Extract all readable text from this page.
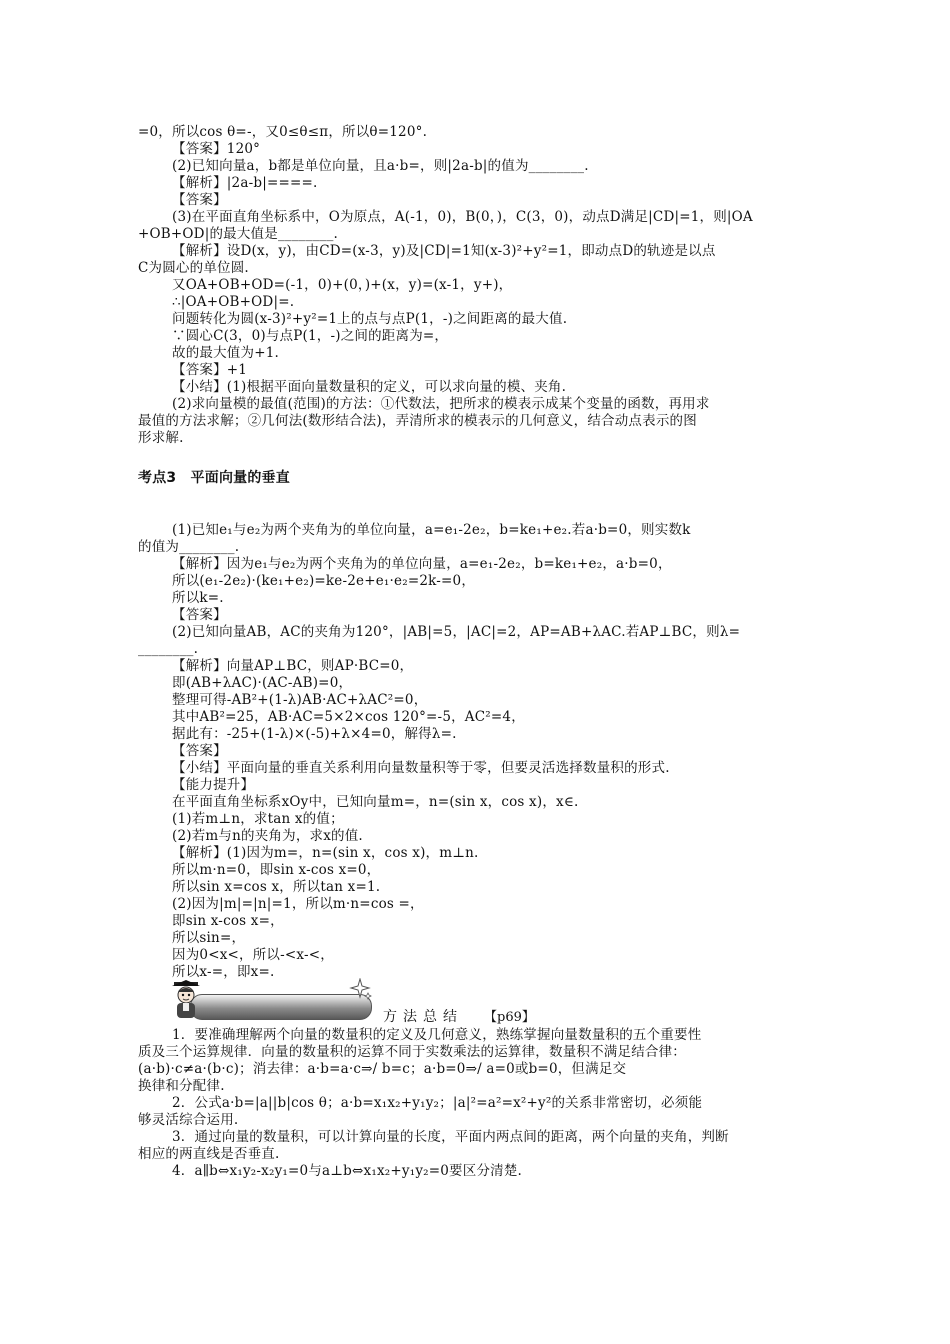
=0，所以cos θ=-，又0≤θ≤π，所以θ=120°.
【答案】120°
(2)已知向量a，b都是单位向量，且a·b=，则|2a-b|的值为________.
【解析】|2a-b|====.
【答案】
(3)在平面直角坐标系中，O为原点，A(-1，0)，B(0，)，C(3，0)，动点D满足|CD|=1，则|OA
+OB+OD|的最大值是________.
【解析】设D(x，y)，由CD=(x-3，y)及|CD|=1知(x-3)²+y²=1，即动点D的轨迹是以点
C为圆心的单位圆.
又OA+OB+OD=(-1，0)+(0，)+(x，y)=(x-1，y+)，
∴|OA+OB+OD|=.
问题转化为圆(x-3)²+y²=1上的点与点P(1，-)之间距离的最大值.
∵圆心C(3，0)与点P(1，-)之间的距离为=，
故的最大值为+1.
【答案】+1
【小结】(1)根据平面向量数量积的定义，可以求向量的模、夹角.
(2)求向量模的最值(范围)的方法：①代数法，把所求的模表示成某个变量的函数，再用求
最值的方法求解；②几何法(数形结合法)，弄清所求的模表示的几何意义，结合动点表示的图
形求解.
考点3　平面向量的垂直
(1)已知e₁与e₂为两个夹角为的单位向量，a=e₁-2e₂，b=ke₁+e₂.若a·b=0，则实数k
的值为________.
【解析】因为e₁与e₂为两个夹角为的单位向量，a=e₁-2e₂，b=ke₁+e₂，a·b=0，
所以(e₁-2e₂)·(ke₁+e₂)=ke-2e+e₁·e₂=2k-=0，
所以k=.
【答案】
(2)已知向量AB，AC的夹角为120°，|AB|=5，|AC|=2，AP=AB+λAC.若AP⊥BC，则λ=
________.
【解析】向量AP⊥BC，则AP·BC=0，
即(AB+λAC)·(AC-AB)=0，
整理可得-AB²+(1-λ)AB·AC+λAC²=0，
其中AB²=25，AB·AC=5×2×cos 120°=-5，AC²=4，
据此有：-25+(1-λ)×(-5)+λ×4=0，解得λ=.
【答案】
【小结】平面向量的垂直关系利用向量数量积等于零，但要灵活选择数量积的形式.
【能力提升】
在平面直角坐标系xOy中，已知向量m=，n=(sin x，cos x)，x∈.
(1)若m⊥n，求tan x的值；
(2)若m与n的夹角为，求x的值.
【解析】(1)因为m=，n=(sin x，cos x)，m⊥n.
所以m·n=0，即sin x-cos x=0，
所以sin x=cos x，所以tan x=1.
(2)因为|m|=|n|=1，所以m·n=cos =，
即sin x-cos x=，
所以sin=，
因为0<x<，所以-<x-<，
所以x-=，即x=.
方法总结 【p69】
1．要准确理解两个向量的数量积的定义及几何意义，熟练掌握向量数量积的五个重要性
质及三个运算规律．向量的数量积的运算不同于实数乘法的运算律，数量积不满足结合律：
(a·b)·c≠a·(b·c)；消去律：a·b=a·c⇒/ b=c；a·b=0⇒/ a=0或b=0，但满足交
换律和分配律.
2．公式a·b=|a||b|cos θ；a·b=x₁x₂+y₁y₂；|a|²=a²=x²+y²的关系非常密切，必须能
够灵活综合运用.
3．通过向量的数量积，可以计算向量的长度，平面内两点间的距离，两个向量的夹角，判断
相应的两直线是否垂直.
4．a∥b⇔x₁y₂-x₂y₁=0与a⊥b⇔x₁x₂+y₁y₂=0要区分清楚.
